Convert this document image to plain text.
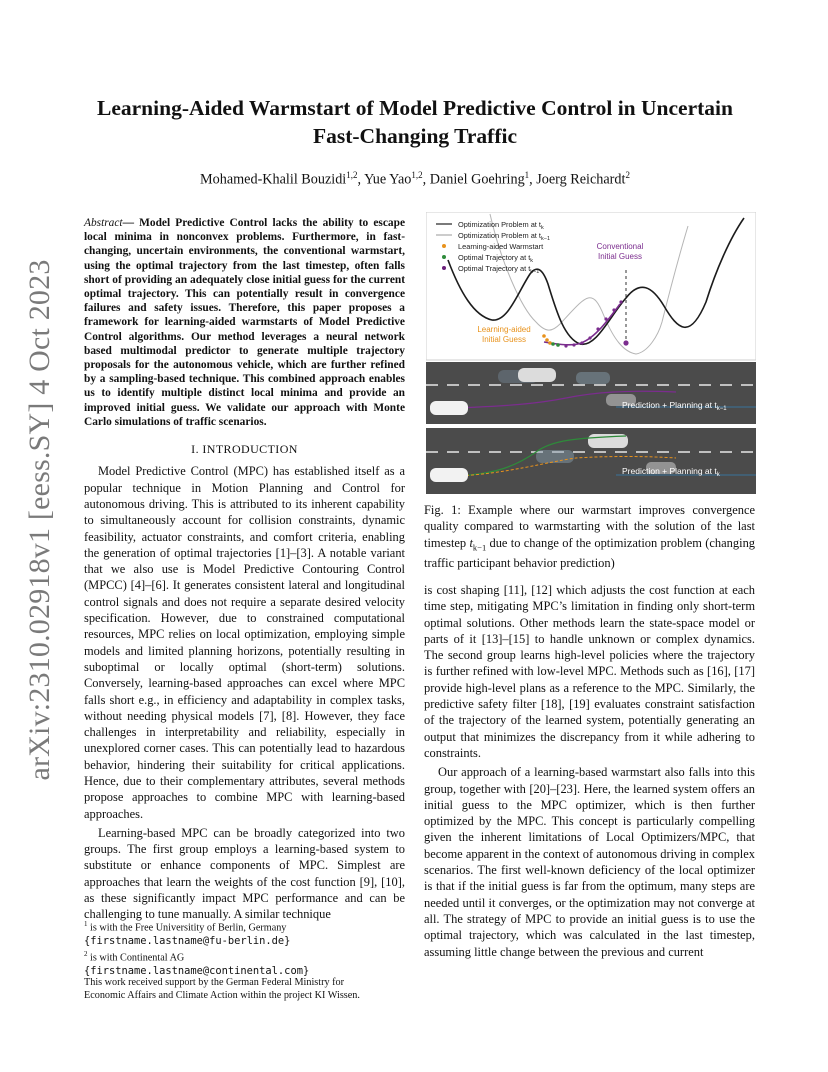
arXiv:2310.02918v1 [eess.SY] 4 Oct 2023
Learning-Aided Warmstart of Model Predictive Control in Uncertain
Fast-Changing Traffic
Mohamed-Khalil Bouzidi$^{1,2}$, Yue Yao$^{1,2}$, Daniel Goehring$^1$, Joerg Reichardt$^2$

Abstract— Model Predictive Control lacks the ability to escape local minima in nonconvex problems. Furthermore, in fast-changing, uncertain environments, the conventional warmstart, using the optimal trajectory from the last timestep, often falls short of providing an adequately close initial guess for the current optimal trajectory. This can potentially result in convergence failures and safety issues. Therefore, this paper proposes a framework for learning-aided warmstarts of Model Predictive Control algorithms. Our method leverages a neural network based multimodal predictor to generate multiple trajectory proposals for the autonomous vehicle, which are further refined by a sampling-based technique. This combined approach enables us to identify multiple distinct local minima and provide an improved initial guess. We validate our approach with Monte Carlo simulations of traffic scenarios.

I. INTRODUCTION

Model Predictive Control (MPC) has established itself as a popular technique in Motion Planning and Control for autonomous driving. This is attributed to its inherent capability to simultaneously account for collision constraints, dynamic feasibility, actuator constraints, and comfort criteria, enabling the generation of optimal trajectories [1]–[3]. A notable variant that we also use is Model Predictive Contouring Control (MPCC) [4]–[6]. It generates consistent lateral and longitudinal control signals and does not require a separate desired velocity specification. However, due to constrained computational resources, MPC relies on local optimization, employing simple models and limited planning horizons, potentially resulting in suboptimal or locally optimal (short-term) solutions. Conversely, learning-based approaches can excel where MPC falls short e.g., in efficiency and adaptability in complex tasks, without needing physical models [7], [8]. However, they face challenges in interpretability and reliability, especially in unexplored corner cases. This can potentially lead to hazardous behavior, hindering their suitability for critical applications. Hence, due to their complementary attributes, several methods propose approaches to combine MPC with learning-based approaches.

Learning-based MPC can be broadly categorized into two groups. The first group employs a learning-based system to substitute or enhance components of MPC. Simplest are approaches that learn the weights of the cost function [9], [10], as these significantly impact MPC performance and can be challenging to tune manually. A similar technique

$^1$ is with the Free Universitity of Berlin, Germany
{firstname.lastname@fu-berlin.de}
$^2$ is with Continental AG
{firstname.lastname@continental.com}
This work received support by the German Federal Ministry for
Economic Affairs and Climate Action within the project KI Wissen.
Optimization Problem at $t_k$
Optimization Problem at $t_{k-1}$
Learning-aided Warmstart
Optimal Trajectory at $t_k$
Optimal Trajectory at $t_{k-1}$
Conventional
Initial Guess
Learning-aided
Initial Guess
Prediction + Planning at $t_{k-1}$
Prediction + Planning at $t_k$
Fig. 1: Example where our warmstart improves convergence quality compared to warmstarting with the solution of the last timestep $t_{k-1}$ due to change of the optimization problem (changing traffic participant behavior prediction)

is cost shaping [11], [12] which adjusts the cost function at each time step, mitigating MPC’s limitation in finding only short-term optimal solutions. Other methods learn the state-space model or parts of it [13]–[15] to handle unknown or complex dynamics. The second group learns high-level policies where the trajectory is further refined with low-level MPC. Methods such as [16], [17] provide high-level plans as a reference to the MPC. Similarly, the predictive safety filter [18], [19] evaluates constraint satisfaction of the trajectory of the learned system, potentially generating an output that minimizes the discrepancy from it while adhering to constraints.

Our approach of a learning-based warmstart also falls into this group, together with [20]–[23]. Here, the learned system offers an initial guess to the MPC optimizer, which is then further optimized by the MPC. This concept is particularly compelling given the inherent limitations of Local Optimizers/MPC, that become apparent in the context of autonomous driving in complex scenarios. The first well-known deficiency of the local optimizer is that if the initial guess is far from the optimum, many steps are needed until it converges, or the optimization may not converge at all. The strategy of MPC to provide an initial guess is to use the optimal trajectory, which was calculated in the last timestep, assuming little change between the previous and current
